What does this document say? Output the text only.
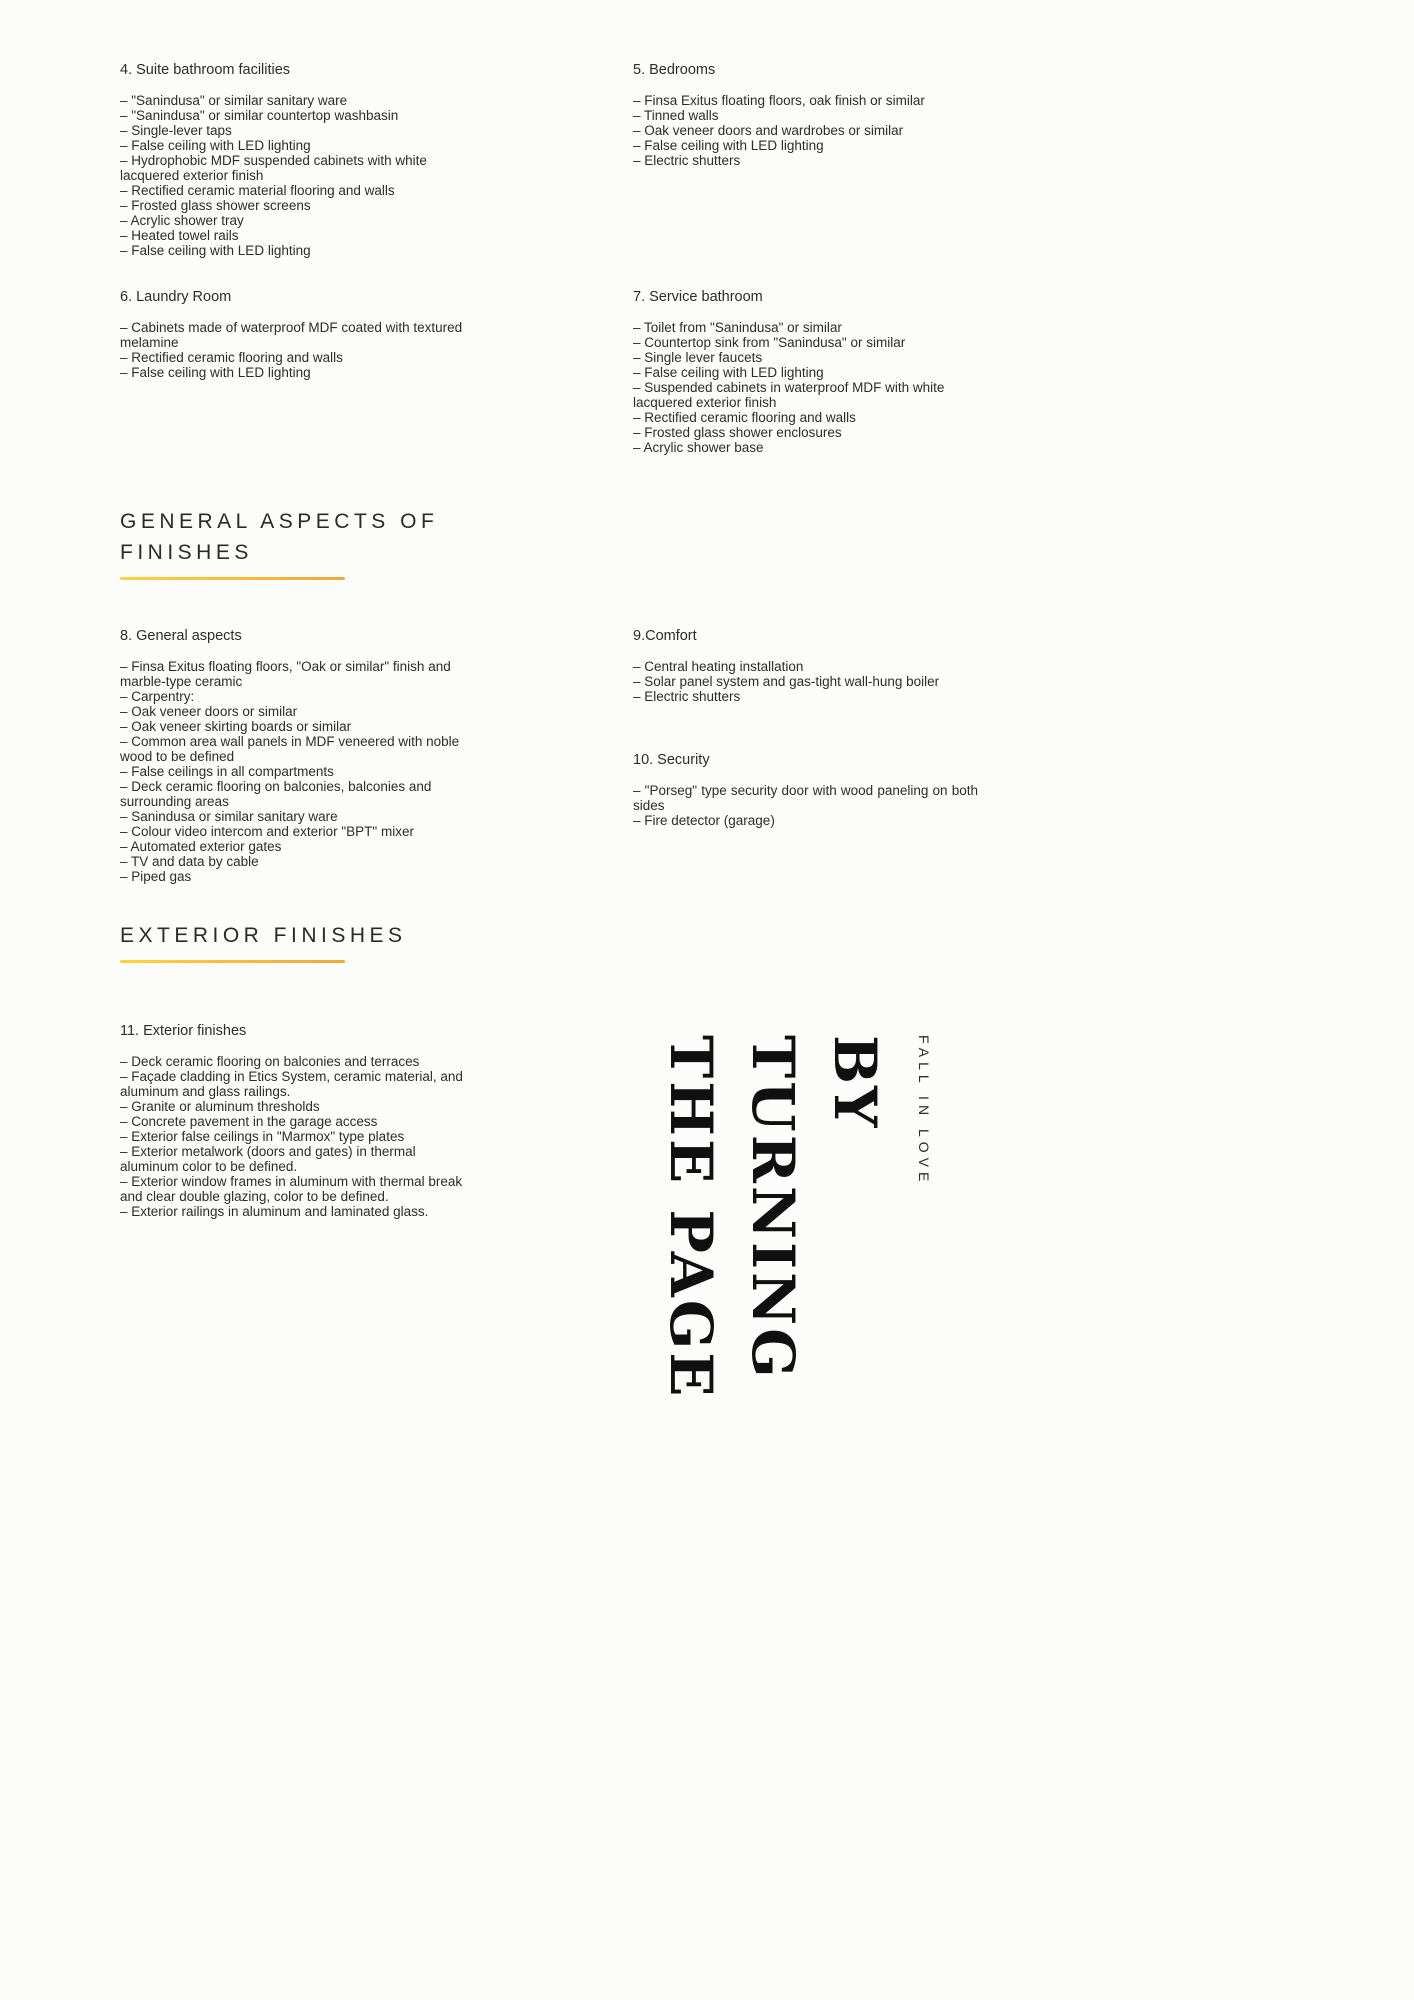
4. Suite bathroom facilities
– "Sanindusa" or similar sanitary ware
– "Sanindusa" or similar countertop washbasin
– Single-lever taps
– False ceiling with LED lighting
– Hydrophobic MDF suspended cabinets with white lacquered exterior finish
– Rectified ceramic material flooring and walls
– Frosted glass shower screens
– Acrylic shower tray
– Heated towel rails
– False ceiling with LED lighting
5. Bedrooms
– Finsa Exitus floating floors, oak finish or similar
– Tinned walls
– Oak veneer doors and wardrobes or similar
– False ceiling with LED lighting
– Electric shutters
6. Laundry Room
– Cabinets made of waterproof MDF coated with textured melamine
– Rectified ceramic flooring and walls
– False ceiling with LED lighting
7. Service bathroom
– Toilet from "Sanindusa" or similar
– Countertop sink from "Sanindusa" or similar
– Single lever faucets
– False ceiling with LED lighting
– Suspended cabinets in waterproof MDF with white lacquered exterior finish
– Rectified ceramic flooring and walls
– Frosted glass shower enclosures
– Acrylic shower base
GENERAL ASPECTS OF FINISHES
8. General aspects
– Finsa Exitus floating floors, "Oak or similar" finish and marble-type ceramic
– Carpentry:
– Oak veneer doors or similar
– Oak veneer skirting boards or similar
– Common area wall panels in MDF veneered with noble wood to be defined
– False ceilings in all compartments
– Deck ceramic flooring on balconies, balconies and surrounding areas
– Sanindusa or similar sanitary ware
– Colour video intercom and exterior "BPT" mixer
– Automated exterior gates
– TV and data by cable
– Piped gas
9.Comfort
– Central heating installation
– Solar panel system and gas-tight wall-hung boiler
– Electric shutters
10. Security
– "Porseg" type security door with wood paneling on both sides
– Fire detector (garage)
EXTERIOR FINISHES
11. Exterior finishes
– Deck ceramic flooring on balconies and terraces
– Façade cladding in Etics System, ceramic material, and aluminum and glass railings.
– Granite or aluminum thresholds
– Concrete pavement in the garage access
– Exterior false ceilings in "Marmox" type plates
– Exterior metalwork (doors and gates) in thermal aluminum color to be defined.
– Exterior window frames in aluminum with thermal break and clear double glazing, color to be defined.
– Exterior railings in aluminum and laminated glass.
FALL IN LOVE
BY
TURNING
THE PAGE
